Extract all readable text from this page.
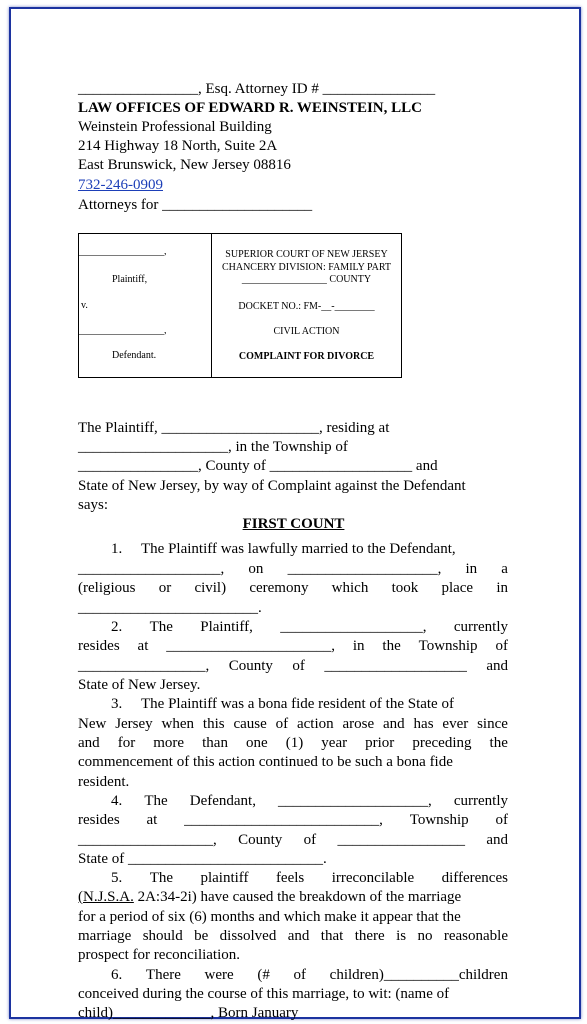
________________, Esq. Attorney ID # _______________
LAW OFFICES OF EDWARD R. WEINSTEIN, LLC
Weinstein Professional Building
214 Highway 18 North, Suite 2A
East Brunswick, New Jersey 08816
732-246-0909
Attorneys for ____________________
_________________,
Plaintiff,
v.
_________________,
Defendant.
SUPERIOR COURT OF NEW JERSEY
CHANCERY DIVISION: FAMILY PART
_________________ COUNTY
DOCKET NO.: FM-__-________
CIVIL ACTION
COMPLAINT FOR DIVORCE
The Plaintiff, _____________________, residing at
____________________, in the Township of
________________, County of ___________________ and
State of New Jersey, by way of Complaint against the Defendant
says:
FIRST COUNT
1.     The Plaintiff was lawfully married to the Defendant,
___________________, on ____________________, in a
(religious or civil) ceremony which took place in
________________________.
2. The Plaintiff, ___________________, currently
resides at ______________________, in the Township of
_________________, County of ___________________ and
State of New Jersey.
3.     The Plaintiff was a bona fide resident of the State of
New Jersey when this cause of action arose and has ever since
and for more than one (1) year prior preceding the
commencement of this action continued to be such a bona fide
resident.
4. The Defendant, ____________________, currently
resides at __________________________, Township of
__________________, County of _________________ and
State of __________________________.
5. The plaintiff feels irreconcilable differences
(N.J.S.A. 2A:34-2i) have caused the breakdown of the marriage
for a period of six (6) months and which make it appear that the
marriage should be dissolved and that there is no reasonable
prospect for reconciliation.
6. There were (# of children)__________children
conceived during the course of this marriage, to wit: (name of
child)_____________, Born January
